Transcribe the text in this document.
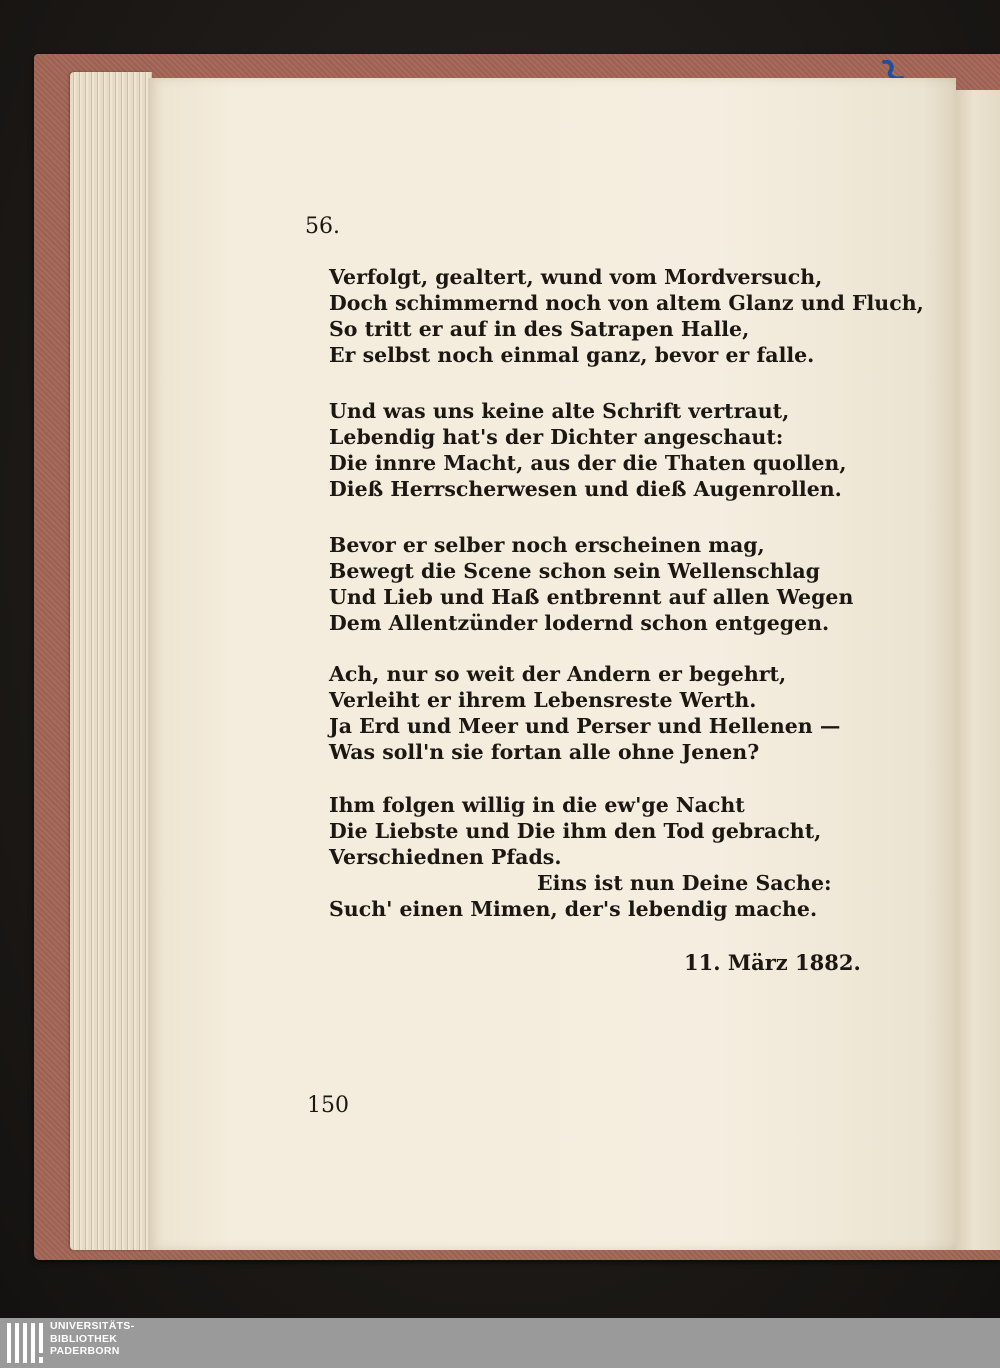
56.
Verfolgt, gealtert, wund vom Mordversuch,
Doch schimmernd noch von altem Glanz und Fluch,
So tritt er auf in des Satrapen Halle,
Er selbst noch einmal ganz, bevor er falle.
Und was uns keine alte Schrift vertraut,
Lebendig hat's der Dichter angeschaut:
Die innre Macht, aus der die Thaten quollen,
Dieß Herrscherwesen und dieß Augenrollen.
Bevor er selber noch erscheinen mag,
Bewegt die Scene schon sein Wellenschlag
Und Lieb und Haß entbrennt auf allen Wegen
Dem Allentzünder lodernd schon entgegen.
Ach, nur so weit der Andern er begehrt,
Verleiht er ihrem Lebensreste Werth.
Ja Erd und Meer und Perser und Hellenen —
Was soll'n sie fortan alle ohne Jenen?
Ihm folgen willig in die ew'ge Nacht
Die Liebste und Die ihm den Tod gebracht,
Verschiednen Pfads.
Eins ist nun Deine Sache:
Such' einen Mimen, der's lebendig mache.
11. März 1882.
150
UNIVERSITÄTS-
BIBLIOTHEK
PADERBORN
